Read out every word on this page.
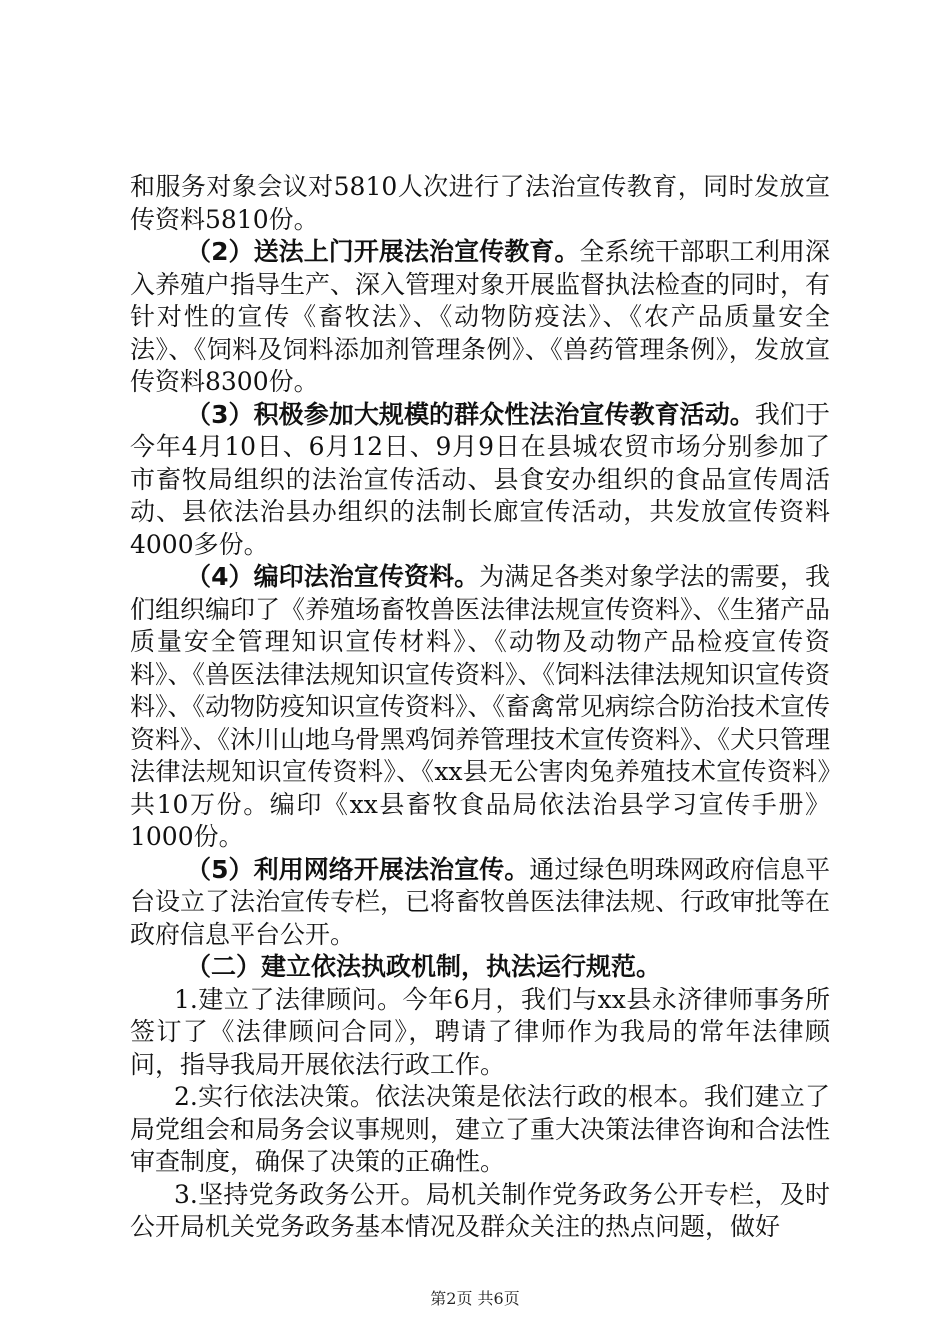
和服务对象会议对5810人次进行了法治宣传教育，同时发放宣传资料5810份。

（2）送法上门开展法治宣传教育。全系统干部职工利用深入养殖户指导生产、深入管理对象开展监督执法检查的同时，有针对性的宣传《畜牧法》、《动物防疫法》、《农产品质量安全法》、《饲料及饲料添加剂管理条例》、《兽药管理条例》，发放宣传资料8300份。

（3）积极参加大规模的群众性法治宣传教育活动。我们于今年4月10日、6月12日、9月9日在县城农贸市场分别参加了市畜牧局组织的法治宣传活动、县食安办组织的食品宣传周活动、县依法治县办组织的法制长廊宣传活动，共发放宣传资料4000多份。

（4）编印法治宣传资料。为满足各类对象学法的需要，我们组织编印了《养殖场畜牧兽医法律法规宣传资料》、《生猪产品质量安全管理知识宣传材料》、《动物及动物产品检疫宣传资料》、《兽医法律法规知识宣传资料》、《饲料法律法规知识宣传资料》、《动物防疫知识宣传资料》、《畜禽常见病综合防治技术宣传资料》、《沐川山地乌骨黑鸡饲养管理技术宣传资料》、《犬只管理法律法规知识宣传资料》、《xx县无公害肉兔养殖技术宣传资料》共10万份。编印《xx县畜牧食品局依法治县学习宣传手册》1000份。

（5）利用网络开展法治宣传。通过绿色明珠网政府信息平台设立了法治宣传专栏，已将畜牧兽医法律法规、行政审批等在政府信息平台公开。

（二）建立依法执政机制，执法运行规范。

1.建立了法律顾问。今年6月，我们与xx县永济律师事务所签订了《法律顾问合同》，聘请了律师作为我局的常年法律顾问，指导我局开展依法行政工作。

2.实行依法决策。依法决策是依法行政的根本。我们建立了局党组会和局务会议事规则，建立了重大决策法律咨询和合法性审查制度，确保了决策的正确性。

3.坚持党务政务公开。局机关制作党务政务公开专栏，及时公开局机关党务政务基本情况及群众关注的热点问题，做好

第2页 共6页
